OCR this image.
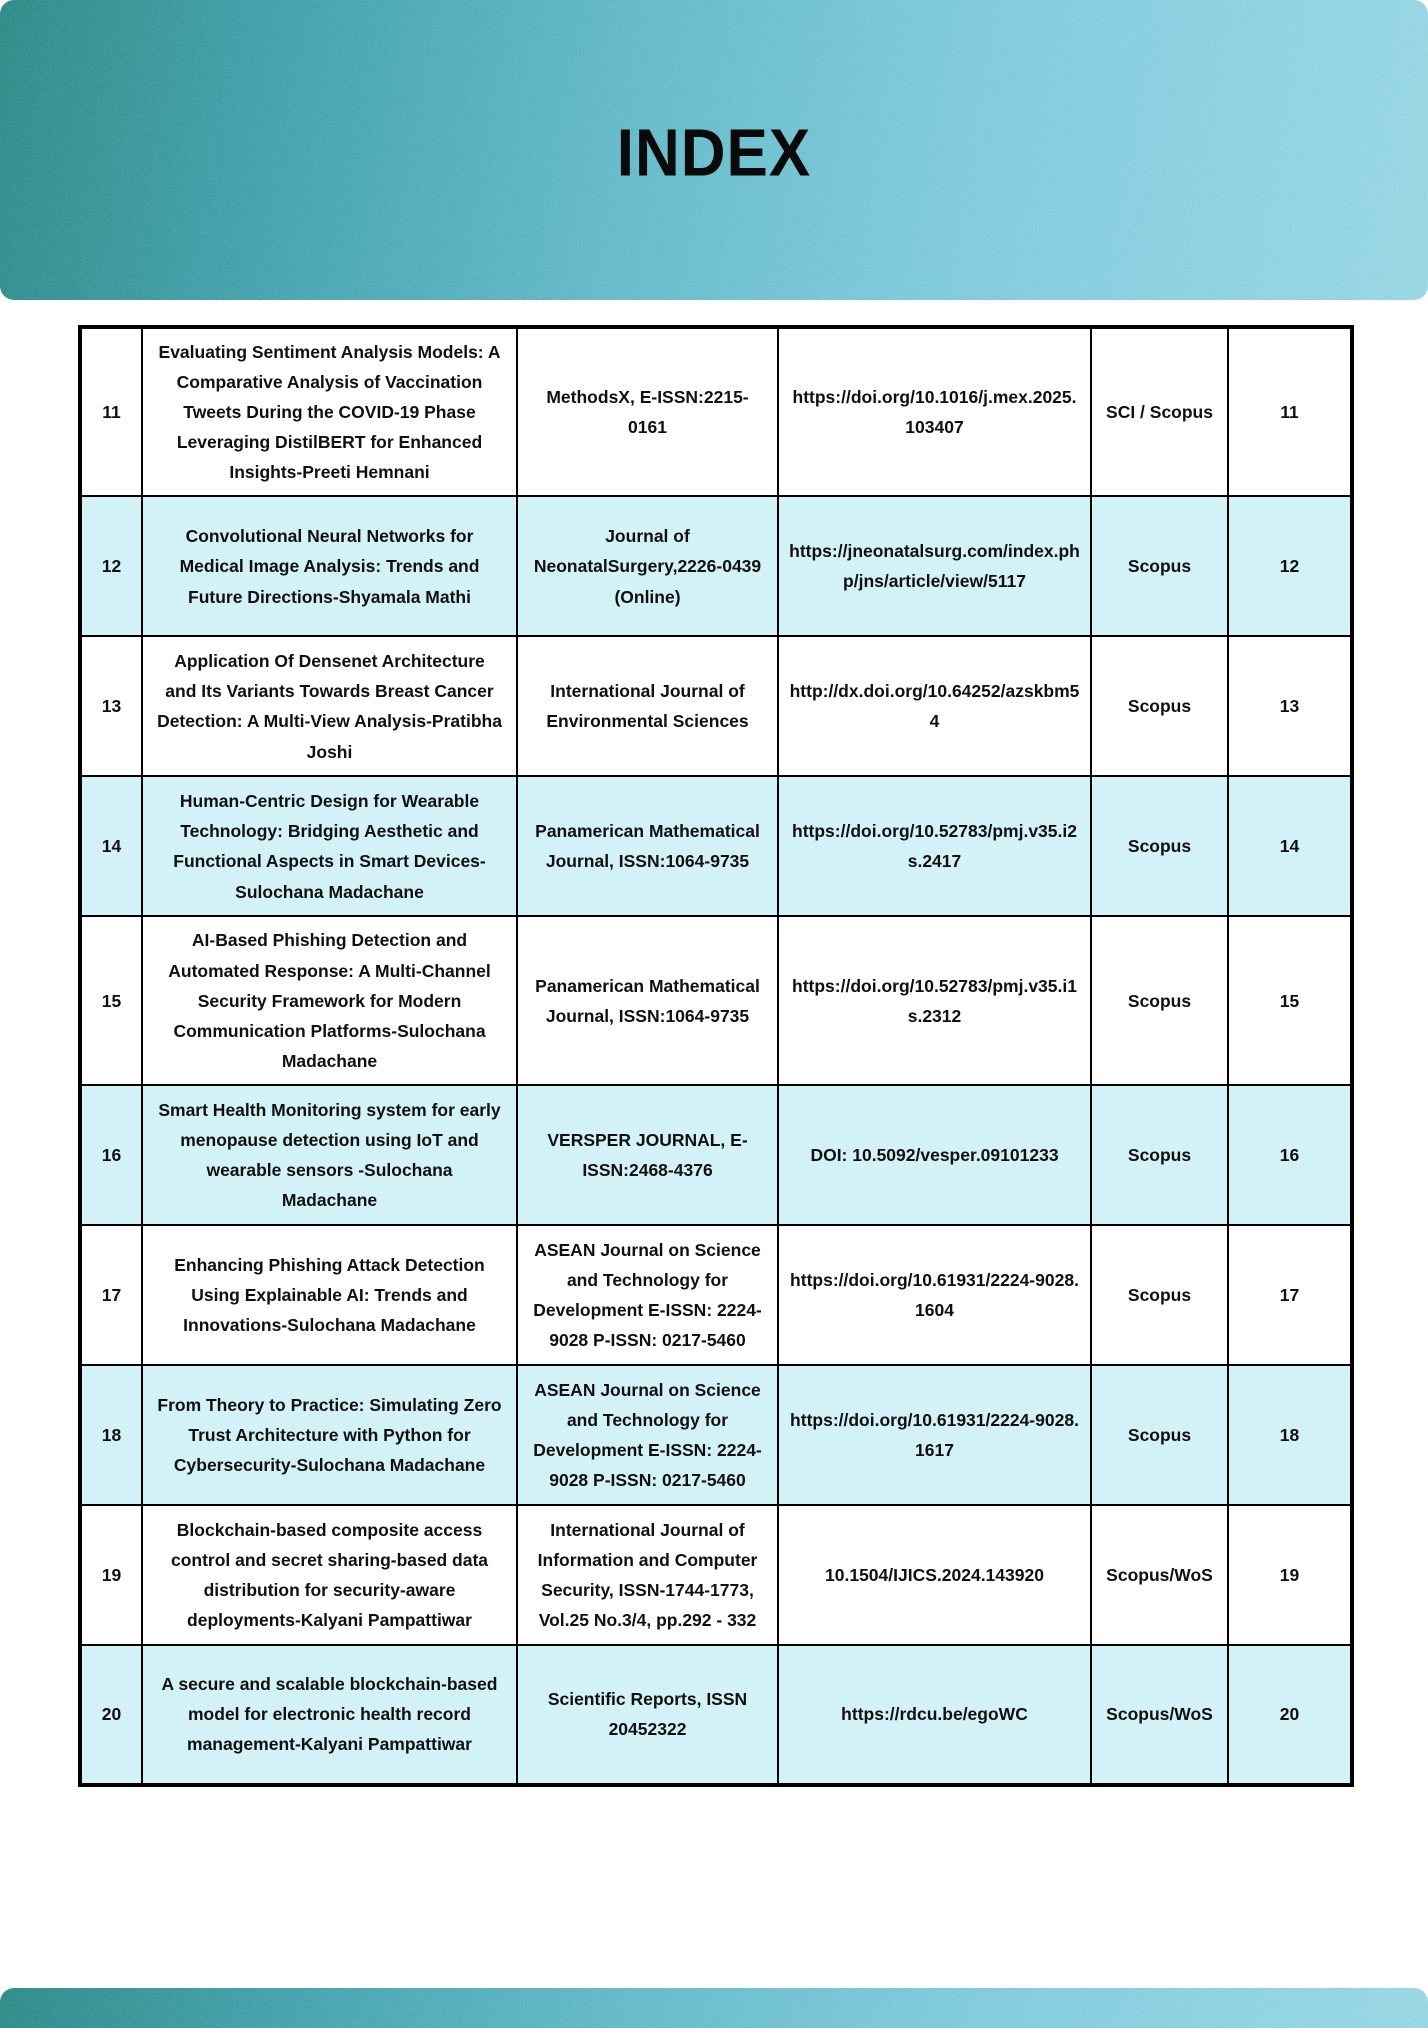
INDEX
11	Evaluating Sentiment Analysis Models: A Comparative Analysis of Vaccination Tweets During the COVID-19 Phase Leveraging DistilBERT for Enhanced Insights-Preeti Hemnani	MethodsX, E-ISSN:2215-0161	https://doi.org/10.1016/j.mex.2025.103407	SCI / Scopus	11
12	Convolutional Neural Networks for Medical Image Analysis: Trends and Future Directions-Shyamala Mathi	Journal of NeonatalSurgery,2226-0439 (Online)	https://jneonatalsurg.com/index.php/jns/article/view/5117	Scopus	12
13	Application Of Densenet Architecture and Its Variants Towards Breast Cancer Detection: A Multi-View Analysis-Pratibha Joshi	International Journal of Environmental Sciences	http://dx.doi.org/10.64252/azskbm54	Scopus	13
14	Human-Centric Design for Wearable Technology: Bridging Aesthetic and Functional Aspects in Smart Devices-Sulochana Madachane	Panamerican Mathematical Journal, ISSN:1064-9735	https://doi.org/10.52783/pmj.v35.i2s.2417	Scopus	14
15	AI-Based Phishing Detection and Automated Response: A Multi-Channel Security Framework for Modern Communication Platforms-Sulochana Madachane	Panamerican Mathematical Journal, ISSN:1064-9735	https://doi.org/10.52783/pmj.v35.i1s.2312	Scopus	15
16	Smart Health Monitoring system for early menopause detection using IoT and wearable sensors -Sulochana Madachane	VERSPER JOURNAL, E-ISSN:2468-4376	DOI: 10.5092/vesper.09101233	Scopus	16
17	Enhancing Phishing Attack Detection Using Explainable AI: Trends and Innovations-Sulochana Madachane	ASEAN Journal on Science and Technology for Development E-ISSN: 2224-9028 P-ISSN: 0217-5460	https://doi.org/10.61931/2224-9028.1604	Scopus	17
18	From Theory to Practice: Simulating Zero Trust Architecture with Python for Cybersecurity-Sulochana Madachane	ASEAN Journal on Science and Technology for Development E-ISSN: 2224-9028 P-ISSN: 0217-5460	https://doi.org/10.61931/2224-9028.1617	Scopus	18
19	Blockchain-based composite access control and secret sharing-based data distribution for security-aware deployments-Kalyani Pampattiwar	International Journal of Information and Computer Security, ISSN-1744-1773, Vol.25 No.3/4, pp.292 - 332	10.1504/IJICS.2024.143920	Scopus/WoS	19
20	A secure and scalable blockchain-based model for electronic health record management-Kalyani Pampattiwar	Scientific Reports, ISSN 20452322	https://rdcu.be/egoWC	Scopus/WoS	20
